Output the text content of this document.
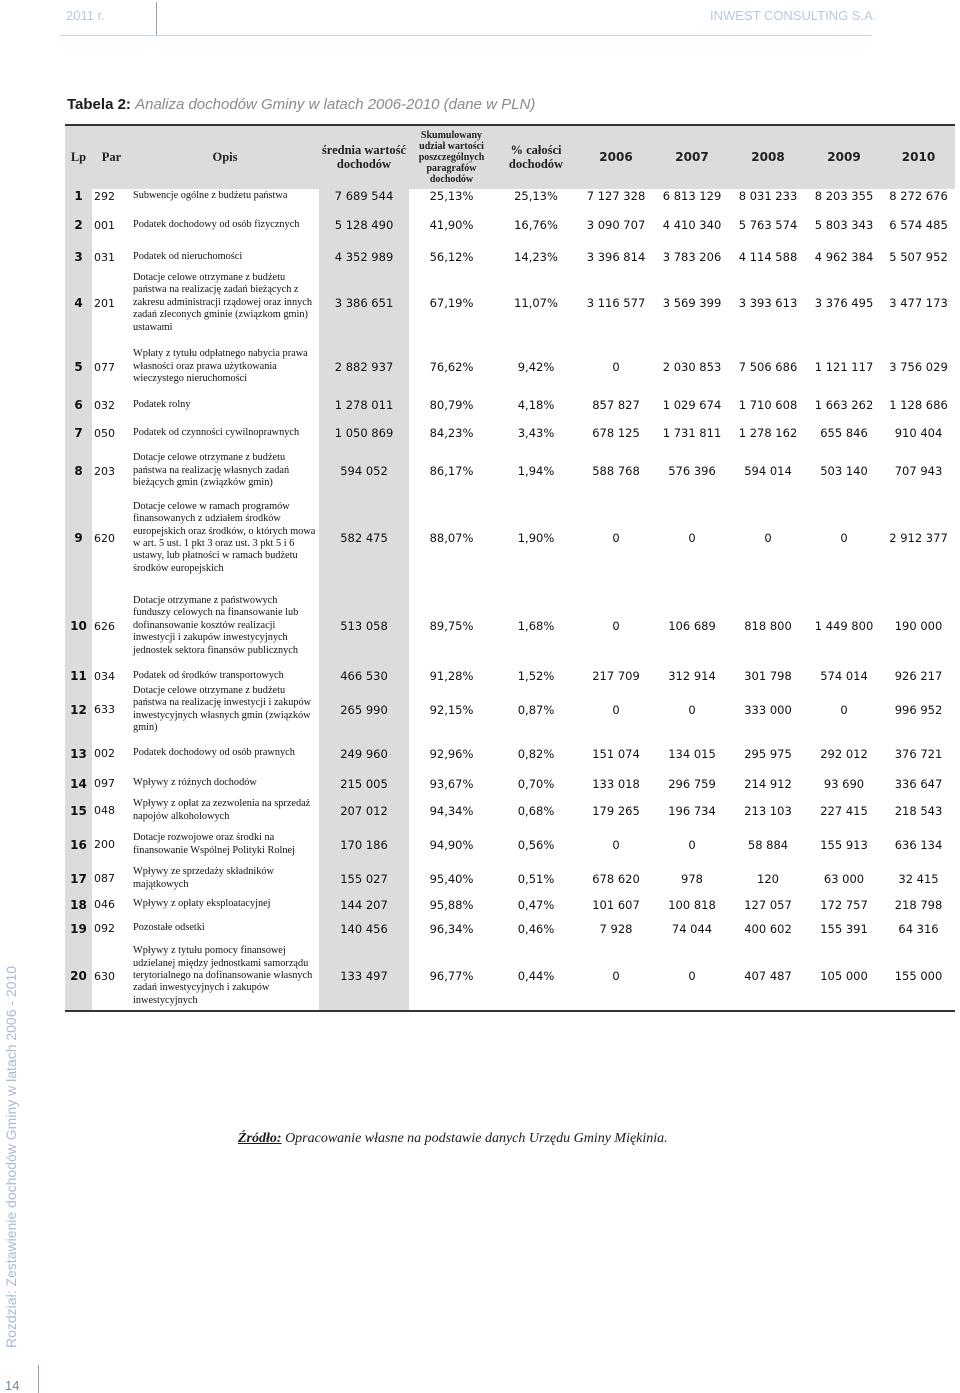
2011 r.	INWEST CONSULTING S.A.
Tabela 2: Analiza dochodów Gminy w latach 2006-2010 (dane w PLN)
Lp	Par	Opis	średnia wartość dochodów	Skumulowany udział wartości poszczególnych paragrafów dochodów	% całości dochodów	2006	2007	2008	2009	2010
1	292	Subwencje ogólne z budżetu państwa	7 689 544	25,13%	25,13%	7 127 328	6 813 129	8 031 233	8 203 355	8 272 676
2	001	Podatek dochodowy od osób fizycznych	5 128 490	41,90%	16,76%	3 090 707	4 410 340	5 763 574	5 803 343	6 574 485
3	031	Podatek od nieruchomości	4 352 989	56,12%	14,23%	3 396 814	3 783 206	4 114 588	4 962 384	5 507 952
4	201	Dotacje celowe otrzymane z budżetu państwa na realizację zadań bieżących z zakresu administracji rządowej oraz innych zadań zleconych gminie (związkom gmin) ustawami	3 386 651	67,19%	11,07%	3 116 577	3 569 399	3 393 613	3 376 495	3 477 173
5	077	Wpłaty z tytułu odpłatnego nabycia prawa własności oraz prawa użytkowania wieczystego nieruchomości	2 882 937	76,62%	9,42%	0	2 030 853	7 506 686	1 121 117	3 756 029
6	032	Podatek rolny	1 278 011	80,79%	4,18%	857 827	1 029 674	1 710 608	1 663 262	1 128 686
7	050	Podatek od czynności cywilnoprawnych	1 050 869	84,23%	3,43%	678 125	1 731 811	1 278 162	655 846	910 404
8	203	Dotacje celowe otrzymane z budżetu państwa na realizację własnych zadań bieżących gmin (związków gmin)	594 052	86,17%	1,94%	588 768	576 396	594 014	503 140	707 943
9	620	Dotacje celowe w ramach programów finansowanych z udziałem środków europejskich oraz środków, o których mowa w art. 5 ust. 1 pkt 3 oraz ust. 3 pkt 5 i 6 ustawy, lub płatności w ramach budżetu środków europejskich	582 475	88,07%	1,90%	0	0	0	0	2 912 377
10	626	Dotacje otrzymane z państwowych funduszy celowych na finansowanie lub dofinansowanie kosztów realizacji inwestycji i zakupów inwestycyjnych jednostek sektora finansów publicznych	513 058	89,75%	1,68%	0	106 689	818 800	1 449 800	190 000
11	034	Podatek od środków transportowych	466 530	91,28%	1,52%	217 709	312 914	301 798	574 014	926 217
12	633	Dotacje celowe otrzymane z budżetu państwa na realizację inwestycji i zakupów inwestycyjnych własnych gmin (związków gmin)	265 990	92,15%	0,87%	0	0	333 000	0	996 952
13	002	Podatek dochodowy od osób prawnych	249 960	92,96%	0,82%	151 074	134 015	295 975	292 012	376 721
14	097	Wpływy z różnych dochodów	215 005	93,67%	0,70%	133 018	296 759	214 912	93 690	336 647
15	048	Wpływy z opłat za zezwolenia na sprzedaż napojów alkoholowych	207 012	94,34%	0,68%	179 265	196 734	213 103	227 415	218 543
16	200	Dotacje rozwojowe oraz środki na finansowanie Wspólnej Polityki Rolnej	170 186	94,90%	0,56%	0	0	58 884	155 913	636 134
17	087	Wpływy ze sprzedaży składników majątkowych	155 027	95,40%	0,51%	678 620	978	120	63 000	32 415
18	046	Wpływy z opłaty eksploatacyjnej	144 207	95,88%	0,47%	101 607	100 818	127 057	172 757	218 798
19	092	Pozostałe odsetki	140 456	96,34%	0,46%	7 928	74 044	400 602	155 391	64 316
20	630	Wpływy z tytułu pomocy finansowej udzielanej między jednostkami samorządu terytorialnego na dofinansowanie własnych zadań inwestycyjnych i zakupów inwestycyjnych	133 497	96,77%	0,44%	0	0	407 487	105 000	155 000
Źródło: Opracowanie własne na podstawie danych Urzędu Gminy Miękinia.
Rozdział: Zestawienie dochodów Gminy w latach 2006 - 2010
14
